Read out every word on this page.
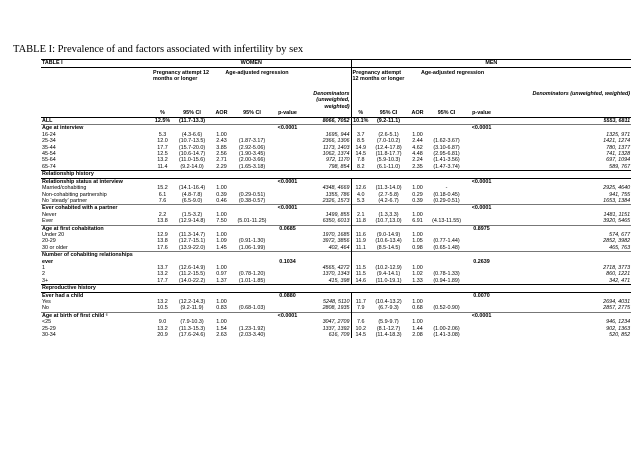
TABLE I: Prevalence of and factors associated with infertility by sex
TABLE I	WOMEN						MEN					
	Pregnancy attempt 12 months or longer		Age-adjusted regression				Pregnancy attempt 12 months or longer		Age-adjusted regression			
						Denominators (unweighted, weighted)						Denominators (unweighted, weighted)
	%	95% CI	AOR	95% CI	p-value		%	95% CI	AOR	95% CI	p-value	
ALL	12.5%	(11.7-13.3)				8066, 7052	10.1%	(9.2-11.1)				5553, 6811
Age at interview					<0.0001						<0.0001	
16-24	5.3	(4.3-6.6)	1.00			1695, 944	3.7	(2.6-5.1)	1.00			1325, 971
25-34	12.0	(10.7-13.5)	2.43	(1.87-3.17)		2366, 1306	8.5	(7.0-10.2)	2.44	(1.62-3.67)		1421, 1274
35-44	17.7	(15.7-20.0)	3.85	(2.92-5.06)		1173, 1403	14.9	(12.4-17.8)	4.62	(3.10-6.87)		780, 1377
45-54	12.5	(10.6-14.7)	2.56	(1.90-3.45)		1062, 1374	14.5	(11.8-17.7)	4.48	(2.95-6.81)		741, 1328
55-64	13.2	(11.0-15.6)	2.71	(2.00-3.66)		972, 1170	7.8	(5.9-10.3)	2.24	(1.41-3.56)		697, 1094
65-74	11.4	(9.2-14.0)	2.29	(1.65-3.18)		798, 854	8.2	(6.1-11.0)	2.35	(1.47-3.74)		589, 767
Relationship history												
Relationship status at interview					<0.0001						<0.0001	
Married/cohabiting	15.2	(14.1-16.4)	1.00			4348, 4669	12.6	(11.3-14.0)	1.00	-		2925, 4640
Non-cohabiting partnership	6.1	(4.8-7.8)	0.39	(0.29-0.51)		1355, 786	4.0	(2.7-5.8)	0.29	(0.18-0.45)		941, 755
No ‘steady’ partner	7.6	(6.5-9.0)	0.46	(0.38-0.57)		2326, 1573	5.3	(4.2-6.7)	0.39	(0.29-0.51)		1653, 1384
Ever cohabited with a partner					<0.0001						<0.0001	
Never	2.2	(1.5-3.2)	1.00			1499, 855	2.1	(1.3,3.3)	1.00			1481, 1151
Ever	13.8	(12.9-14.8)	7.50	(5.01-11.25)		6350, 6013	11.8	(10.7,13.0)	6.91	(4.13-11.55)		3920, 5465
Age at first cohabitation					0.0685						0.8975	
Under 20	12.9	(11.3-14.7)	1.00			1970, 1685	11.6	(9.0-14.9)	1.00			574, 677
20-29	13.8	(12.7-15.1)	1.09	(0.91-1.30)		3972, 3856	11.9	(10.6-13.4)	1.05	(0.77-1.44)		2852, 3982
30 or older	17.6	(13.9-22.0)	1.45	(1.06-1.99)		402, 464	11.1	(8.5-14.5)	0.98	(0.65-1.48)		465, 763
Number of cohabiting relationships												
ever					0.1034						0.2639	
1	13.7	(12.6-14.9)	1.00			4565, 4272	11.5	(10.2-12.9)	1.00			2718, 3773
2	13.2	(11.2-15.5)	0.97	(0.78-1.20)		1370, 1343	11.5	(9.4-14.1)	1.02	(0.78-1.33)		860, 1221
3+	17.7	(14.0-22.2)	1.37	(1.01-1.85)		415, 398	14.6	(11.0-19.1)	1.33	(0.94-1.89)		342, 471
Reproductive history												
Ever had a child					0.0880						0.0070	
Yes	13.2	(12.2-14.3)	1.00			5248, 5110	11.7	(10.4-13.2)	1.00			2694, 4031
No	10.5	(9.2-11.9)	0.83	(0.68-1.03)		2808, 1935	7.9	(6.7-9.3)	0.68	(0.52-0.90)		2857, 2775
Age at birth of first child ᶜ					<0.0001						<0.0001	
<25	9.0	(7.9-10.3)	1.00			3047, 2709	7.6	(5.9-9.7)	1.00			946, 1234
25-29	13.2	(11.3-15.3)	1.54	(1.23-1.92)		1337, 1392	10.2	(8.1-12.7)	1.44	(1.00-2.06)		902, 1363
30-34	20.9	(17.6-24.6)	2.63	(2.03-3.40)		616, 709	14.5	(11.4-18.3)	2.08	(1.41-3.08)		520, 852
